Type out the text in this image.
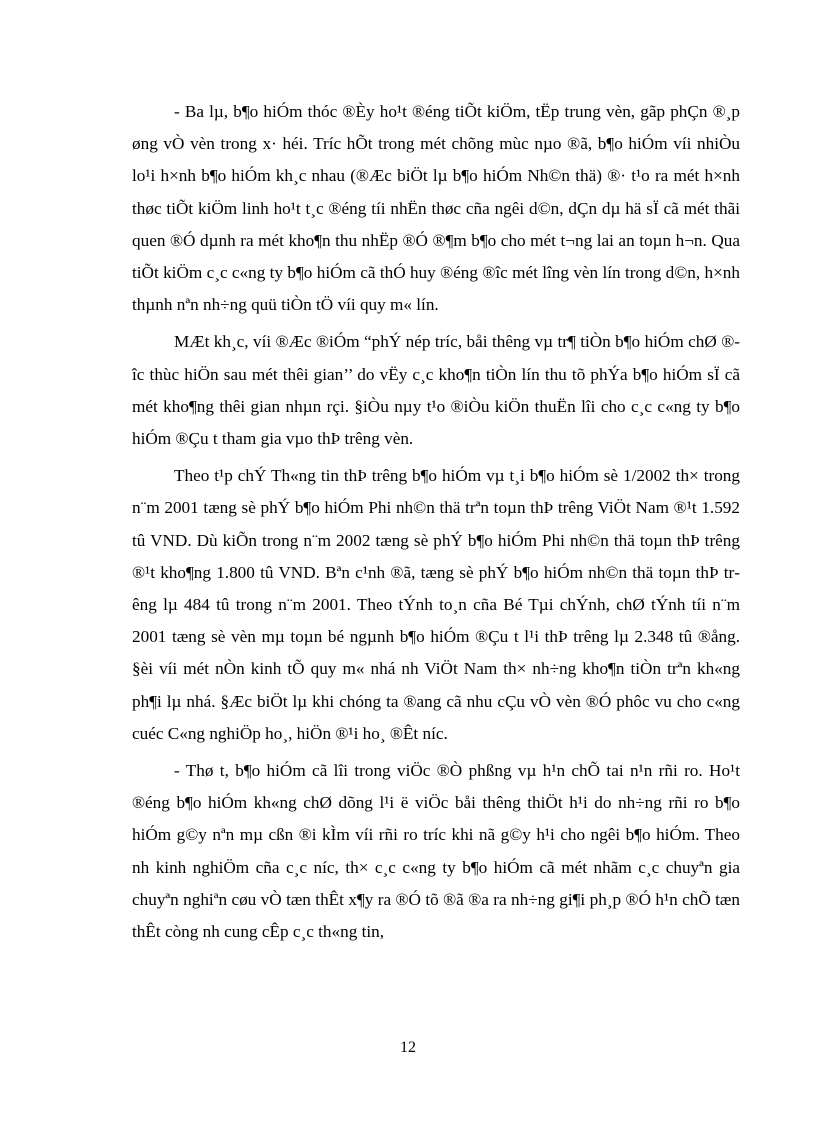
- Ba lµ, b¶o hiÓm thóc ®Èy ho¹t ®éng tiÕt kiÖm, tËp trung vèn, gãp phÇn ®¸p øng vÒ vèn trong x· héi. Tríc hÕt trong mét chõng mùc nµo ®ã, b¶o hiÓm víi nhiÒu lo¹i h×nh b¶o hiÓm kh¸c nhau (®Æc biÖt lµ b¶o hiÓm Nh©n thä) ®· t¹o ra mét h×nh thøc tiÕt kiÖm linh ho¹t t¸c ®éng tíi nhËn thøc cña ngêi d©n, dÇn dµ hä sÏ cã mét thãi quen ®Ó dµnh ra mét kho¶n thu nhËp ®Ó ®¶m b¶o cho mét t¬ng lai an toµn h¬n. Qua tiÕt kiÖm c¸c c«ng ty b¶o hiÓm cã thÓ huy ®éng ®îc mét lîng vèn lín trong d©n, h×nh thµnh nªn nh÷ng quü tiÒn tÖ víi quy m« lín.

MÆt kh¸c, víi ®Æc ®iÓm “phÝ nép tríc, båi thêng vµ tr¶ tiÒn b¶o hiÓm chØ ®îc thùc hiÖn sau mét thêi gian’’ do vËy c¸c kho¶n tiÒn lín thu tõ phÝa b¶o hiÓm sÏ cã mét kho¶ng thêi gian nhµn rçi. §iÒu nµy t¹o ®iÒu kiÖn thuËn lîi cho c¸c c«ng ty b¶o hiÓm ®Çu t tham gia vµo thÞ trêng vèn.

Theo t¹p chÝ Th«ng tin thÞ trêng b¶o hiÓm vµ t¸i b¶o hiÓm sè 1/2002 th× trong n¨m 2001 tæng sè phÝ b¶o hiÓm Phi nh©n thä trªn toµn thÞ trêng ViÖt Nam ®¹t 1.592 tû VND. Dù kiÕn trong n¨m 2002 tæng sè phÝ b¶o hiÓm Phi nh©n thä toµn thÞ trêng ®¹t kho¶ng 1.800 tû VND. Bªn c¹nh ®ã, tæng sè phÝ b¶o hiÓm nh©n thä toµn thÞ trêng lµ 484 tû trong n¨m 2001. Theo tÝnh to¸n cña Bé Tµi chÝnh, chØ tÝnh tíi n¨m 2001 tæng sè vèn mµ toµn bé ngµnh b¶o hiÓm ®Çu t l¹i thÞ trêng lµ 2.348 tû ®ång. §èi víi mét nÒn kinh tÕ quy m« nhá nh ViÖt Nam th× nh÷ng kho¶n tiÒn trªn kh«ng ph¶i lµ nhá. §Æc biÖt lµ khi chóng ta ®ang cã nhu cÇu vÒ vèn ®Ó phôc vu cho c«ng cuéc C«ng nghiÖp ho¸, hiÖn ®¹i ho¸ ®Êt níc.

- Thø t, b¶o hiÓm cã lîi trong viÖc ®Ò phßng vµ h¹n chÕ tai n¹n rñi ro. Ho¹t ®éng b¶o hiÓm kh«ng chØ dõng l¹i ë viÖc båi thêng thiÖt h¹i do nh÷ng rñi ro b¶o hiÓm g©y nªn mµ cßn ®i kÌm víi rñi ro tríc khi nã g©y h¹i cho ngêi b¶o hiÓm. Theo nh kinh nghiÖm cña c¸c níc, th× c¸c c«ng ty b¶o hiÓm cã mét nhãm c¸c chuyªn gia chuyªn nghiªn cøu vÒ tæn thÊt x¶y ra ®Ó tõ ®ã ®a ra nh÷ng gi¶i ph¸p ®Ó h¹n chÕ tæn thÊt còng nh cung cÊp c¸c th«ng tin,

12
